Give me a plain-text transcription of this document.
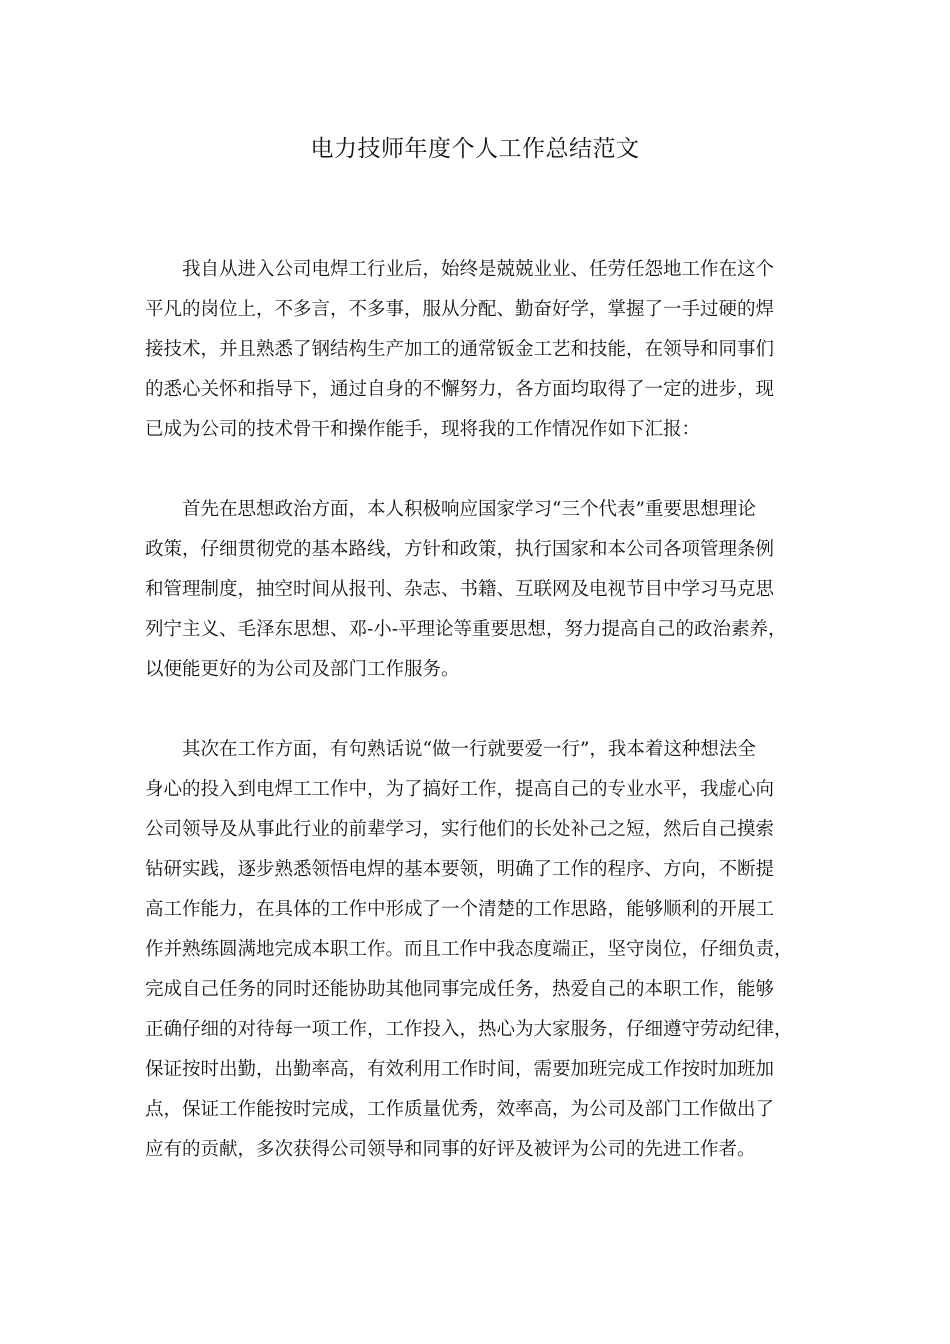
电力技师年度个人工作总结范文
我自从进入公司电焊工行业后，始终是兢兢业业、任劳任怨地工作在这个
平凡的岗位上，不多言，不多事，服从分配、勤奋好学，掌握了一手过硬的焊
接技术，并且熟悉了钢结构生产加工的通常钣金工艺和技能，在领导和同事们
的悉心关怀和指导下，通过自身的不懈努力，各方面均取得了一定的进步，现
已成为公司的技术骨干和操作能手，现将我的工作情况作如下汇报：
首先在思想政治方面，本人积极响应国家学习“三个代表”重要思想理论
政策，仔细贯彻党的基本路线，方针和政策，执行国家和本公司各项管理条例
和管理制度，抽空时间从报刊、杂志、书籍、互联网及电视节目中学习马克思
列宁主义、毛泽东思想、邓-小-平理论等重要思想，努力提高自己的政治素养，
以便能更好的为公司及部门工作服务。
其次在工作方面，有句熟话说“做一行就要爱一行”，我本着这种想法全
身心的投入到电焊工工作中，为了搞好工作，提高自己的专业水平，我虚心向
公司领导及从事此行业的前辈学习，实行他们的长处补己之短，然后自己摸索
钻研实践，逐步熟悉领悟电焊的基本要领，明确了工作的程序、方向，不断提
高工作能力，在具体的工作中形成了一个清楚的工作思路，能够顺利的开展工
作并熟练圆满地完成本职工作。而且工作中我态度端正，坚守岗位，仔细负责，
完成自己任务的同时还能协助其他同事完成任务，热爱自己的本职工作，能够
正确仔细的对待每一项工作，工作投入，热心为大家服务，仔细遵守劳动纪律，
保证按时出勤，出勤率高，有效利用工作时间，需要加班完成工作按时加班加
点，保证工作能按时完成，工作质量优秀，效率高，为公司及部门工作做出了
应有的贡献，多次获得公司领导和同事的好评及被评为公司的先进工作者。
